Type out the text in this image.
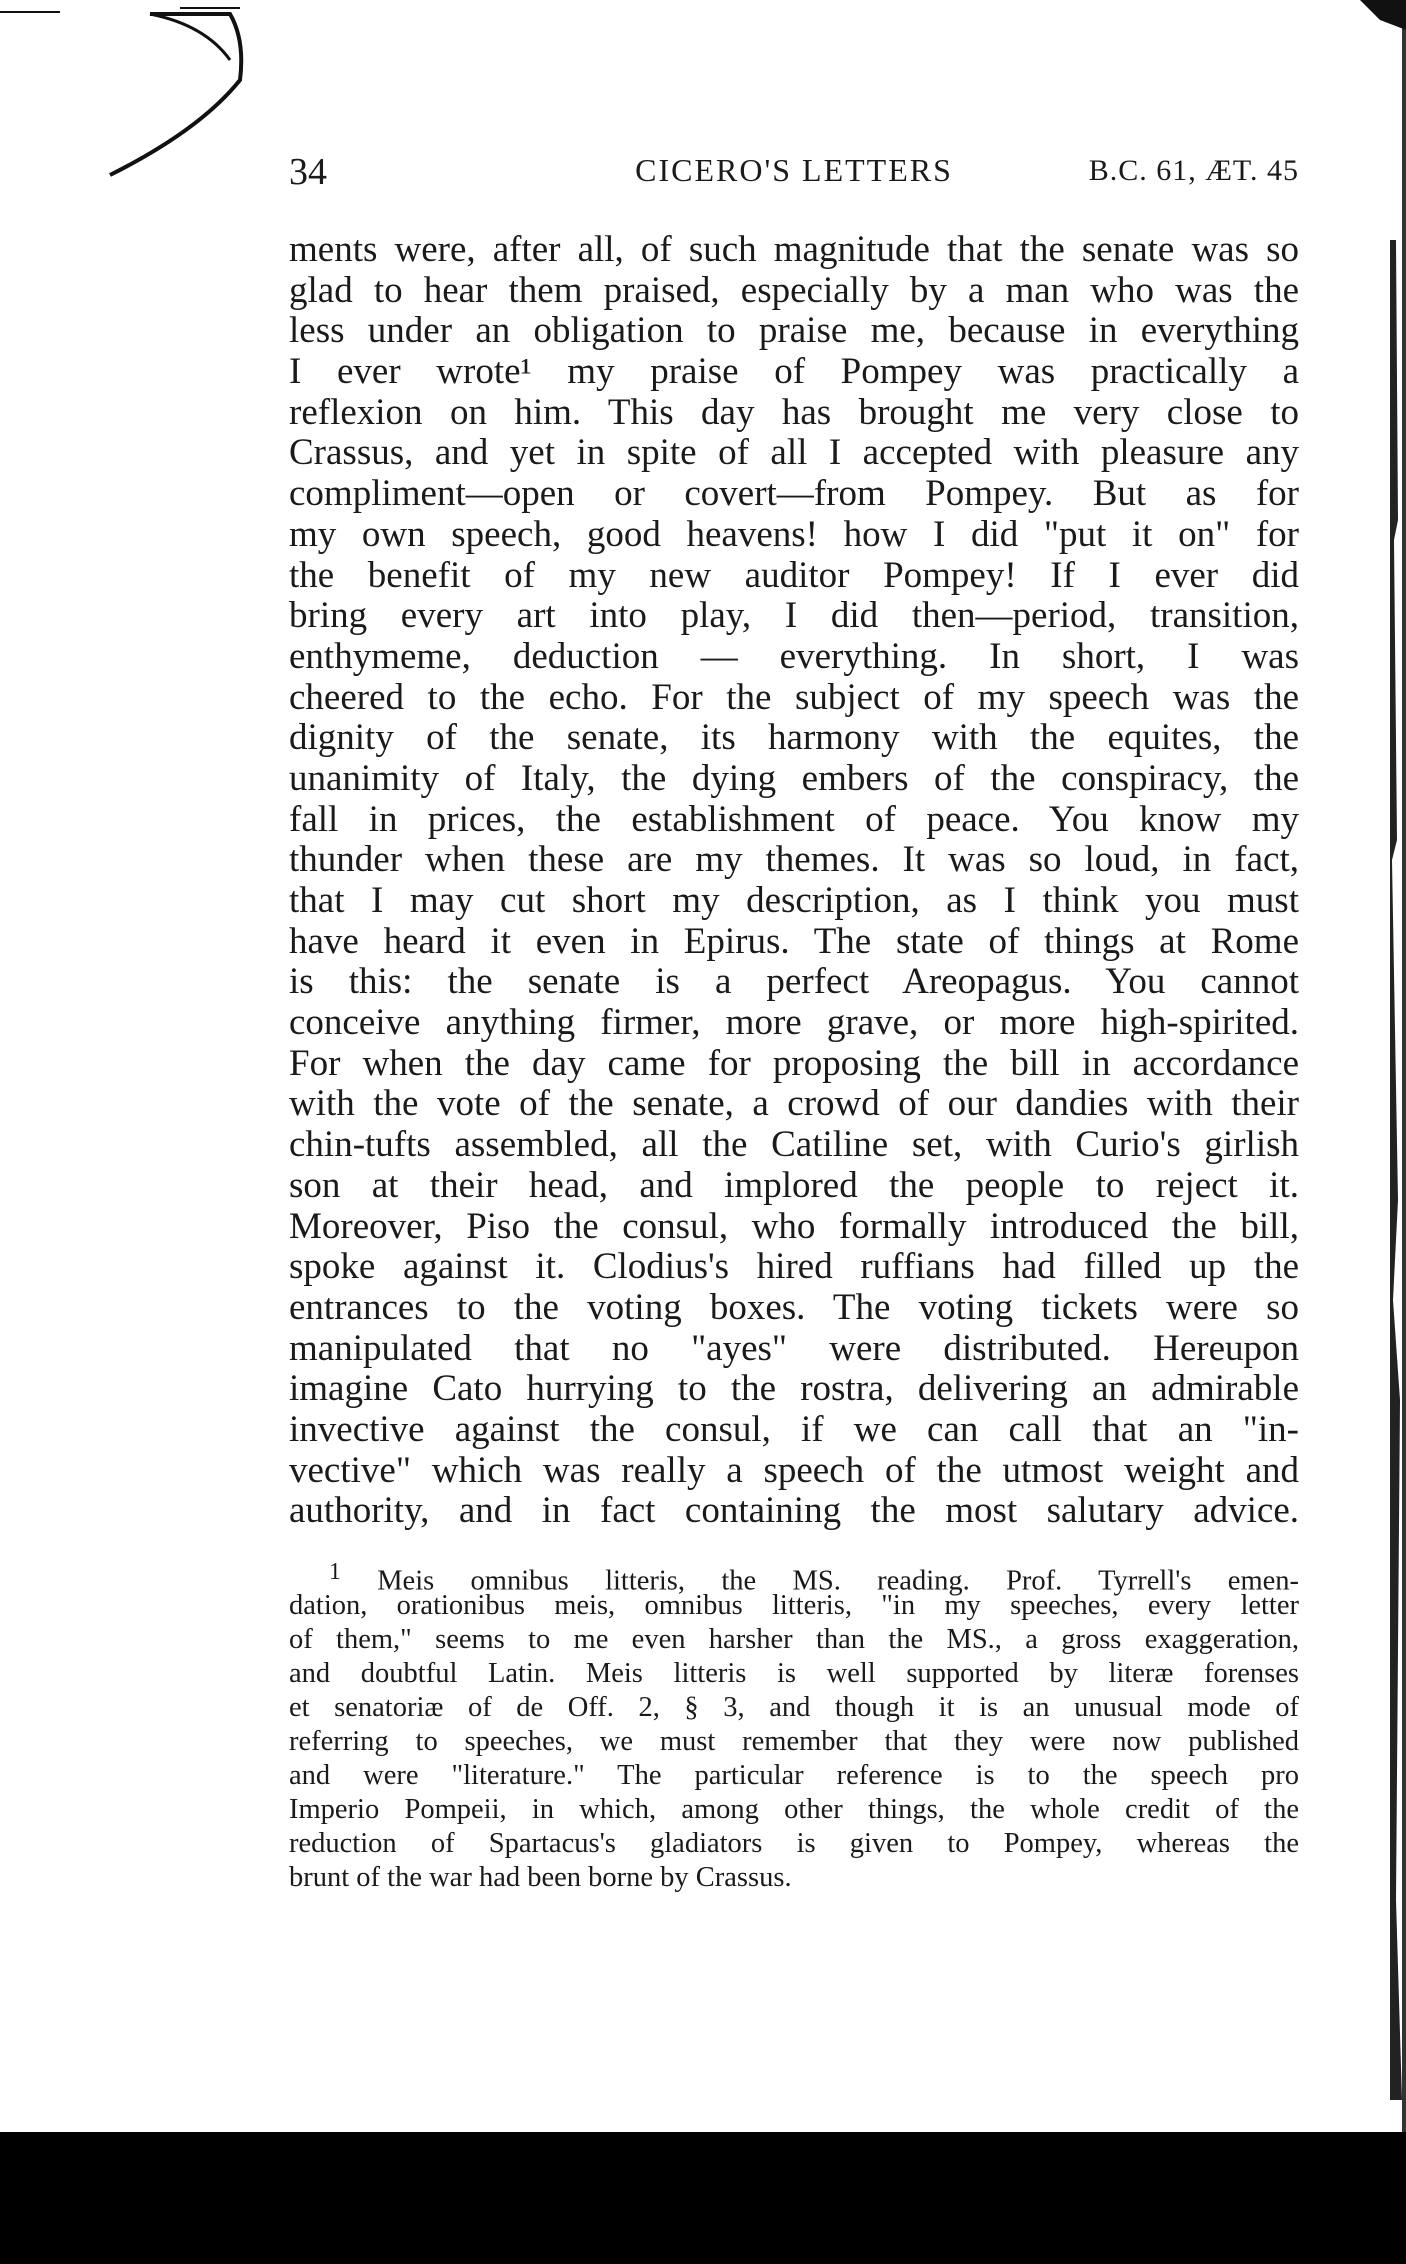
34	CICERO'S LETTERS	B.C. 61, ÆT. 45
ments were, after all, of such magnitude that the senate was so
glad to hear them praised, especially by a man who was the
less under an obligation to praise me, because in everything
I ever wrote¹ my praise of Pompey was practically a
reflexion on him. This day has brought me very close to
Crassus, and yet in spite of all I accepted with pleasure any
compliment—open or covert—from Pompey. But as for
my own speech, good heavens! how I did "put it on" for
the benefit of my new auditor Pompey! If I ever did
bring every art into play, I did then—period, transition,
enthymeme, deduction — everything. In short, I was
cheered to the echo. For the subject of my speech was the
dignity of the senate, its harmony with the equites, the
unanimity of Italy, the dying embers of the conspiracy, the
fall in prices, the establishment of peace. You know my
thunder when these are my themes. It was so loud, in fact,
that I may cut short my description, as I think you must
have heard it even in Epirus. The state of things at Rome
is this: the senate is a perfect Areopagus. You cannot
conceive anything firmer, more grave, or more high-spirited.
For when the day came for proposing the bill in accordance
with the vote of the senate, a crowd of our dandies with their
chin-tufts assembled, all the Catiline set, with Curio's girlish
son at their head, and implored the people to reject it.
Moreover, Piso the consul, who formally introduced the bill,
spoke against it. Clodius's hired ruffians had filled up the
entrances to the voting boxes. The voting tickets were so
manipulated that no "ayes" were distributed. Hereupon
imagine Cato hurrying to the rostra, delivering an admirable
invective against the consul, if we can call that an "in-
vective" which was really a speech of the utmost weight and
authority, and in fact containing the most salutary advice.
$^1$ Meis omnibus litteris, the MS. reading. Prof. Tyrrell's emen-
dation, orationibus meis, omnibus litteris, "in my speeches, every letter
of them," seems to me even harsher than the MS., a gross exaggeration,
and doubtful Latin. Meis litteris is well supported by literæ forenses
et senatoriæ of de Off. 2, § 3, and though it is an unusual mode of
referring to speeches, we must remember that they were now published
and were "literature." The particular reference is to the speech pro
Imperio Pompeii, in which, among other things, the whole credit of the
reduction of Spartacus's gladiators is given to Pompey, whereas the
brunt of the war had been borne by Crassus.
